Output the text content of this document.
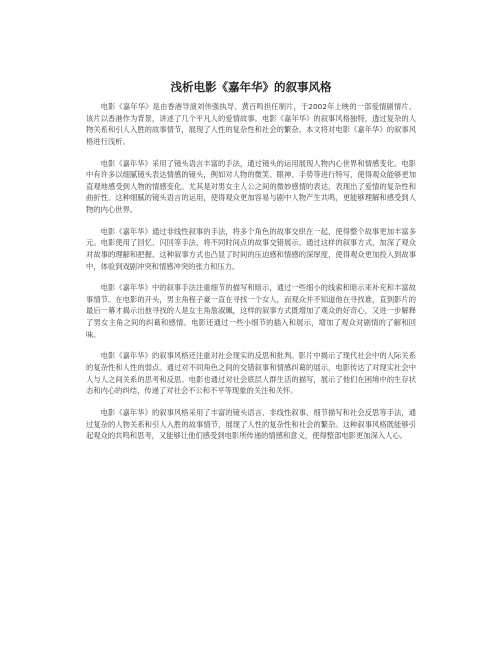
浅析电影《嘉年华》的叙事风格

电影《嘉年华》是由香港导演刘伟强执导、黄百鸣担任制片，于2002年上映的一部爱情剧情片。该片以香港作为背景，讲述了几个平凡人的爱情故事。电影《嘉年华》的叙事风格独特，透过复杂的人物关系和引人入胜的故事情节，展现了人性的复杂性和社会的繁杂。本文将对电影《嘉年华》的叙事风格进行浅析。

电影《嘉年华》采用了镜头语言丰富的手法，通过镜头的运用展现人物内心世界和情感变化。电影中有许多以细腻镜头表达情感的镜头，例如对人物的微笑、眼神、手势等进行特写，使得观众能够更加直观地感受到人物的情感变化。尤其是对男女主人公之间的微妙感情的表达，表现出了爱情的复杂性和曲折性。这种细腻的镜头语言的运用，使得观众更加容易与剧中人物产生共鸣，更能够理解和感受到人物的内心世界。

电影《嘉年华》通过非线性叙事的手法，将多个角色的故事交织在一起，使得整个故事更加丰富多元。电影使用了回忆、闪回等手法，将不同时间点的故事交错展示，通过这样的叙事方式，加深了观众对故事的理解和把握。这种叙事方式也凸显了时间的压迫感和情感的深厚度，使得观众更加投入到故事中，体验到戏剧冲突和情感冲突的张力和压力。

电影《嘉年华》中的叙事手法注重细节的描写和暗示，通过一些细小的线索和暗示来补充和丰富故事情节。在电影的开头，男主角程子豪一直在寻找一个女人，而观众并不知道他在寻找谁，直到影片的最后一幕才揭示出他寻找的人是女主角詹淑珮，这样的叙事方式既增加了观众的好奇心，又进一步解释了男女主角之间的纠葛和感情。电影还通过一些小细节的插入和展示，增加了观众对剧情的了解和回味。

电影《嘉年华》的叙事风格还注重对社会现实的反思和批判。影片中揭示了现代社会中的人际关系的复杂性和人性的弱点。通过对不同角色之间的交错叙事和情感纠葛的展示，电影传达了对现实社会中人与人之间关系的思考和反思。电影也通过对社会底层人群生活的描写，展示了他们在困境中的生存状态和内心的纠结，传递了对社会不公和不平等现象的关注和关怀。

电影《嘉年华》的叙事风格采用了丰富的镜头语言、非线性叙事、细节描写和社会反思等手法，通过复杂的人物关系和引人入胜的故事情节，展现了人性的复杂性和社会的繁杂。这种叙事风格既能够引起观众的共鸣和思考，又能够让他们感受到电影所传递的情感和意义，使得整部电影更加深入人心。
